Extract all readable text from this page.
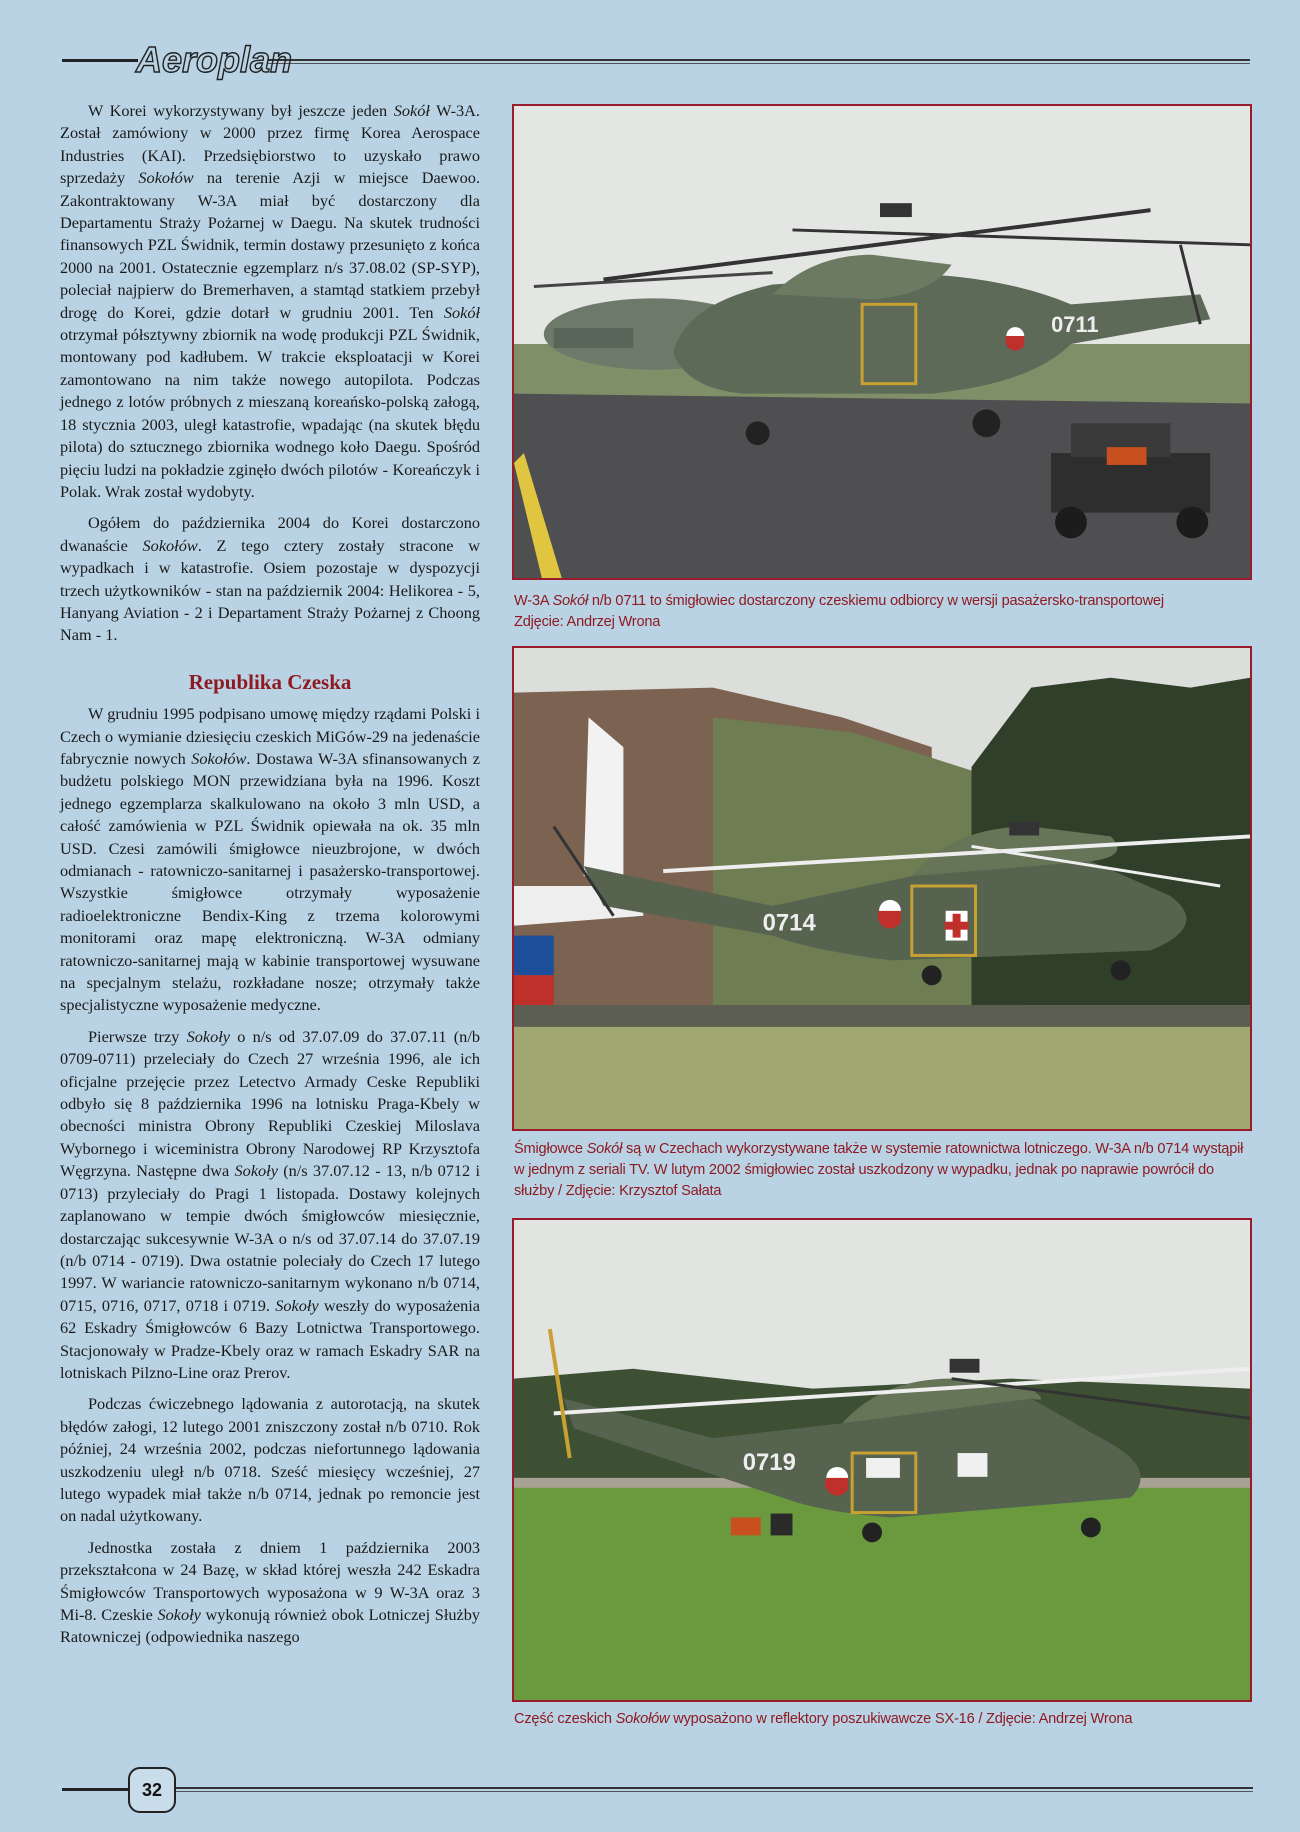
Aeroplan

W Korei wykorzystywany był jeszcze jeden Sokół W-3A. Został zamówiony w 2000 przez firmę Korea Aerospace Industries (KAI). Przedsiębiorstwo to uzyskało prawo sprzedaży Sokołów na terenie Azji w miejsce Daewoo. Zakontraktowany W-3A miał być dostarczony dla Departamentu Straży Pożarnej w Daegu. Na skutek trudności finansowych PZL Świdnik, termin dostawy przesunięto z końca 2000 na 2001. Ostatecznie egzemplarz n/s 37.08.02 (SP-SYP), poleciał najpierw do Bremerhaven, a stamtąd statkiem przebył drogę do Korei, gdzie dotarł w grudniu 2001. Ten Sokół otrzymał półsztywny zbiornik na wodę produkcji PZL Świdnik, montowany pod kadłubem. W trakcie eksploatacji w Korei zamontowano na nim także nowego autopilota. Podczas jednego z lotów próbnych z mieszaną koreańsko-polską załogą, 18 stycznia 2003, uległ katastrofie, wpadając (na skutek błędu pilota) do sztucznego zbiornika wodnego koło Daegu. Spośród pięciu ludzi na pokładzie zginęło dwóch pilotów - Koreańczyk i Polak. Wrak został wydobyty.

Ogółem do października 2004 do Korei dostarczono dwanaście Sokołów. Z tego cztery zostały stracone w wypadkach i w katastrofie. Osiem pozostaje w dyspozycji trzech użytkowników - stan na październik 2004: Helikorea - 5, Hanyang Aviation - 2 i Departament Straży Pożarnej z Choong Nam - 1.

Republika Czeska

W grudniu 1995 podpisano umowę między rządami Polski i Czech o wymianie dziesięciu czeskich MiGów-29 na jedenaście fabrycznie nowych Sokołów. Dostawa W-3A sfinansowanych z budżetu polskiego MON przewidziana była na 1996. Koszt jednego egzemplarza skalkulowano na około 3 mln USD, a całość zamówienia w PZL Świdnik opiewała na ok. 35 mln USD. Czesi zamówili śmigłowce nieuzbrojone, w dwóch odmianach - ratowniczo-sanitarnej i pasażersko-transportowej. Wszystkie śmigłowce otrzymały wyposażenie radioelektroniczne Bendix-King z trzema kolorowymi monitorami oraz mapę elektroniczną. W-3A odmiany ratowniczo-sanitarnej mają w kabinie transportowej wysuwane na specjalnym stelażu, rozkładane nosze; otrzymały także specjalistyczne wyposażenie medyczne.

Pierwsze trzy Sokoły o n/s od 37.07.09 do 37.07.11 (n/b 0709-0711) przeleciały do Czech 27 września 1996, ale ich oficjalne przejęcie przez Letectvo Armady Ceske Republiki odbyło się 8 października 1996 na lotnisku Praga-Kbely w obecności ministra Obrony Republiki Czeskiej Miloslava Wybornego i wiceministra Obrony Narodowej RP Krzysztofa Węgrzyna. Następne dwa Sokoły (n/s 37.07.12 - 13, n/b 0712 i 0713) przyleciały do Pragi 1 listopada. Dostawy kolejnych zaplanowano w tempie dwóch śmigłowców miesięcznie, dostarczając sukcesywnie W-3A o n/s od 37.07.14 do 37.07.19 (n/b 0714 - 0719). Dwa ostatnie poleciały do Czech 17 lutego 1997. W wariancie ratowniczo-sanitarnym wykonano n/b 0714, 0715, 0716, 0717, 0718 i 0719. Sokoły weszły do wyposażenia 62 Eskadry Śmigłowców 6 Bazy Lotnictwa Transportowego. Stacjonowały w Pradze-Kbely oraz w ramach Eskadry SAR na lotniskach Pilzno-Line oraz Prerov.

Podczas ćwiczebnego lądowania z autorotacją, na skutek błędów załogi, 12 lutego 2001 zniszczony został n/b 0710. Rok później, 24 września 2002, podczas niefortunnego lądowania uszkodzeniu uległ n/b 0718. Sześć miesięcy wcześniej, 27 lutego wypadek miał także n/b 0714, jednak po remoncie jest on nadal użytkowany.

Jednostka została z dniem 1 października 2003 przekształcona w 24 Bazę, w skład której weszła 242 Eskadra Śmigłowców Transportowych wyposażona w 9 W-3A oraz 3 Mi-8. Czeskie Sokoły wykonują również obok Lotniczej Służby Ratowniczej (odpowiednika naszego

0711
W-3A Sokół n/b 0711 to śmigłowiec dostarczony czeskiemu odbiorcy w wersji pasażersko-transportowej
Zdjęcie: Andrzej Wrona
0714
Śmigłowce Sokół są w Czechach wykorzystywane także w systemie ratownictwa lotniczego. W-3A n/b 0714 wystąpił w jednym z seriali TV. W lutym 2002 śmigłowiec został uszkodzony w wypadku, jednak po naprawie powrócił do służby / Zdjęcie: Krzysztof Sałata
0719
Część czeskich Sokołów wyposażono w reflektory poszukiwawcze SX-16 / Zdjęcie: Andrzej Wrona
32
